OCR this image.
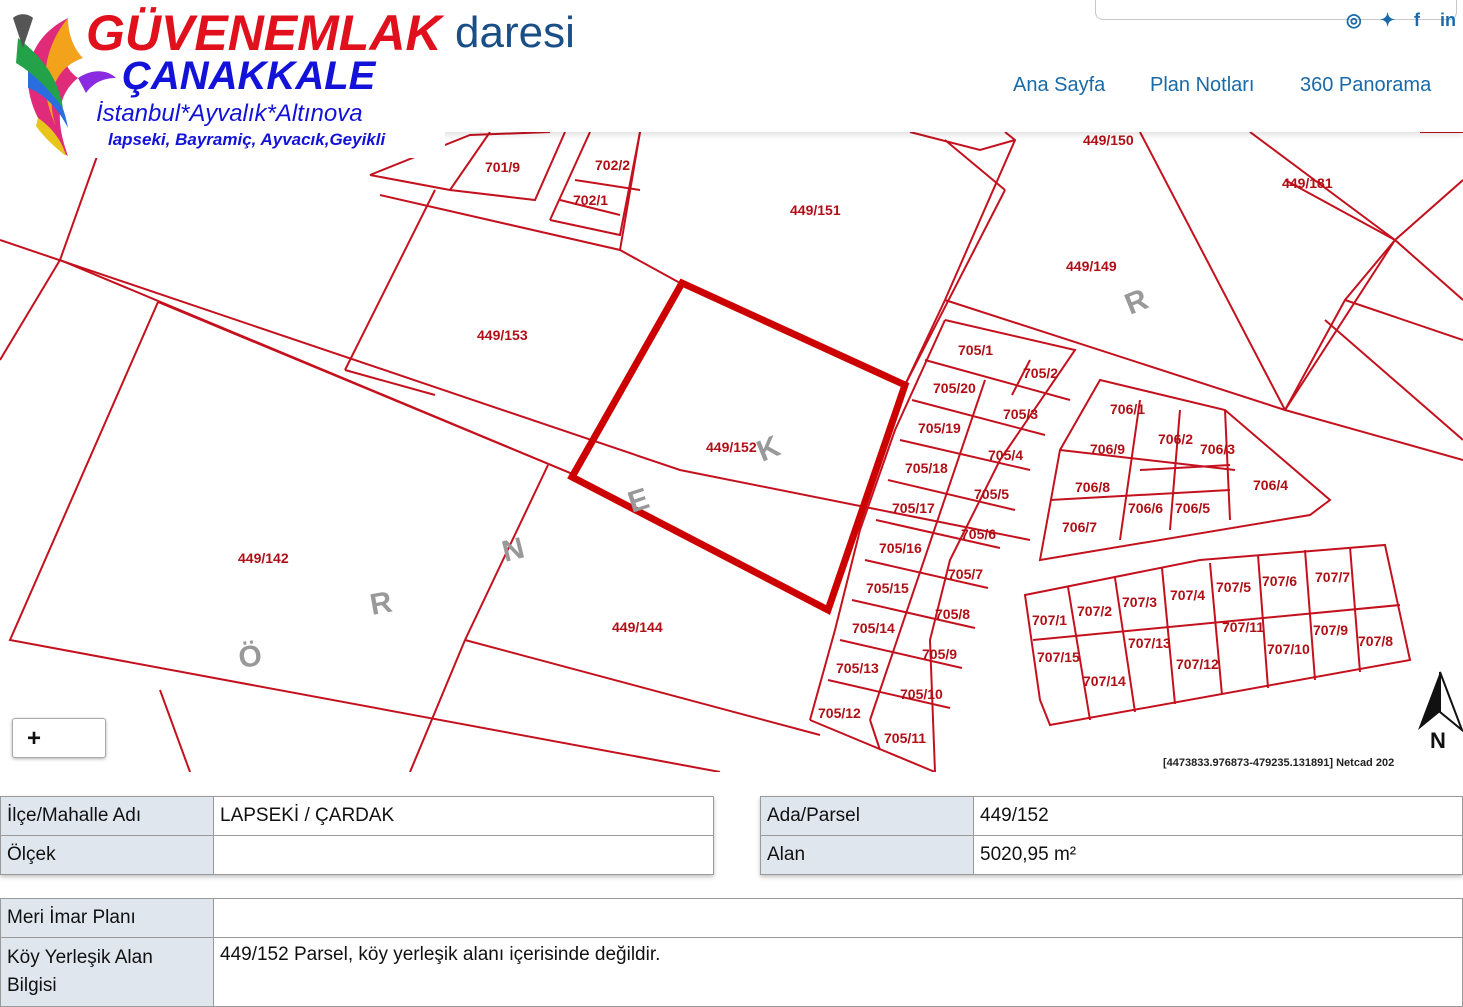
◎ ✦ f in
daresi
Ana Sayfa Plan Notları 360 Panorama
GÜVENEMLAK
ÇANAKKALE
İstanbul*Ayvalık*Altınova
lapseki, Bayramiç, Ayvacık,Geyikli
N
701/9	702/2
702/1
449/151
449/150
449/181
449/149
449/153
449/152
449/142
449/144
705/1
705/2
705/20
705/3
705/19
705/4
705/18
705/5
705/17
705/6
705/16
705/7
705/15
705/8
705/14
705/9
705/13
705/10
705/12
705/11
706/1
706/9
706/2
706/3
706/8	706/4
706/6 706/5
706/7
707/1
707/2
707/3 707/4 707/5 707/6 707/7
707/15
707/13
707/11	707/9
707/8
707/14
707/12
707/10
Ö
R
N
E
K
R
[4473833.976873-479235.131891] Netcad 202
+
İlçe/Mahalle Adı	LAPSEKİ / ÇARDAK
Ölçek	
Ada/Parsel	449/152
Alan	5020,95 m²
Meri İmar Planı	
Köy Yerleşik Alan Bilgisi	449/152 Parsel, köy yerleşik alanı içerisinde değildir.
